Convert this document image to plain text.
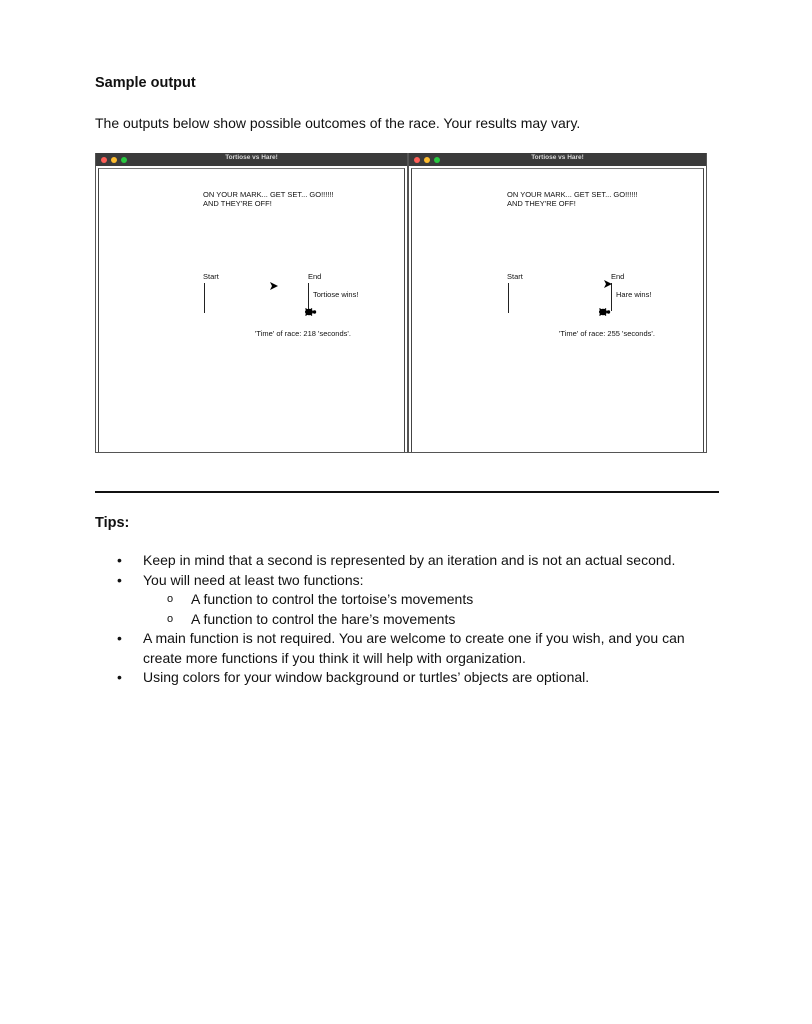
Sample output
The outputs below show possible outcomes of the race. Your results may vary.
Tortiose vs Hare!
ON YOUR MARK... GET SET... GO!!!!!!
AND THEY'RE OFF!
Start	End
Tortiose wins!
'Time' of race: 218 'seconds'.
Tortiose vs Hare!
ON YOUR MARK... GET SET... GO!!!!!!
AND THEY'RE OFF!
Start	End
Hare wins!
'Time' of race: 255 'seconds'.
Tips:
• Keep in mind that a second is represented by an iteration and is not an actual second.
• You will need at least two functions:
o A function to control the tortoise’s movements
o A function to control the hare’s movements
• A main function is not required. You are welcome to create one if you wish, and you can create more functions if you think it will help with organization.
• Using colors for your window background or turtles’ objects are optional.
